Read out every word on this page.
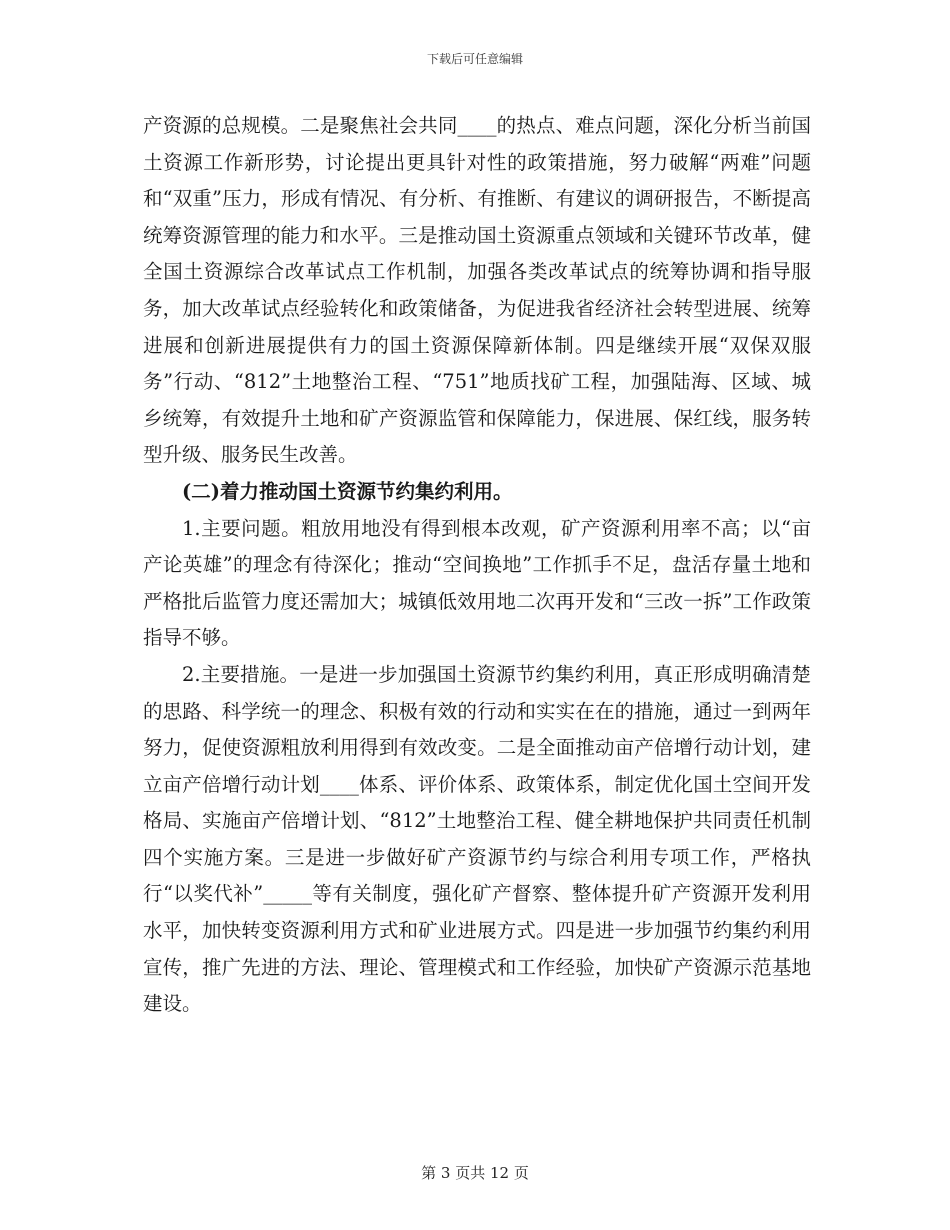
下载后可任意编辑

产资源的总规模。二是聚焦社会共同____的热点、难点问题，深化分析当前国土资源工作新形势，讨论提出更具针对性的政策措施，努力破解“两难”问题和“双重”压力，形成有情况、有分析、有推断、有建议的调研报告，不断提高统筹资源管理的能力和水平。三是推动国土资源重点领域和关键环节改革，健全国土资源综合改革试点工作机制，加强各类改革试点的统筹协调和指导服务，加大改革试点经验转化和政策储备，为促进我省经济社会转型进展、统筹进展和创新进展提供有力的国土资源保障新体制。四是继续开展“双保双服务”行动、“812”土地整治工程、“751”地质找矿工程，加强陆海、区域、城乡统筹，有效提升土地和矿产资源监管和保障能力，保进展、保红线，服务转型升级、服务民生改善。

(二)着力推动国土资源节约集约利用。

1.主要问题。粗放用地没有得到根本改观，矿产资源利用率不高；以“亩产论英雄”的理念有待深化；推动“空间换地”工作抓手不足，盘活存量土地和严格批后监管力度还需加大；城镇低效用地二次再开发和“三改一拆”工作政策指导不够。

2.主要措施。一是进一步加强国土资源节约集约利用，真正形成明确清楚的思路、科学统一的理念、积极有效的行动和实实在在的措施，通过一到两年努力，促使资源粗放利用得到有效改变。二是全面推动亩产倍增行动计划，建立亩产倍增行动计划____体系、评价体系、政策体系，制定优化国土空间开发格局、实施亩产倍增计划、“812”土地整治工程、健全耕地保护共同责任机制四个实施方案。三是进一步做好矿产资源节约与综合利用专项工作，严格执行“以奖代补”_____等有关制度，强化矿产督察、整体提升矿产资源开发利用水平，加快转变资源利用方式和矿业进展方式。四是进一步加强节约集约利用宣传，推广先进的方法、理论、管理模式和工作经验，加快矿产资源示范基地建设。

第 3 页共 12 页
